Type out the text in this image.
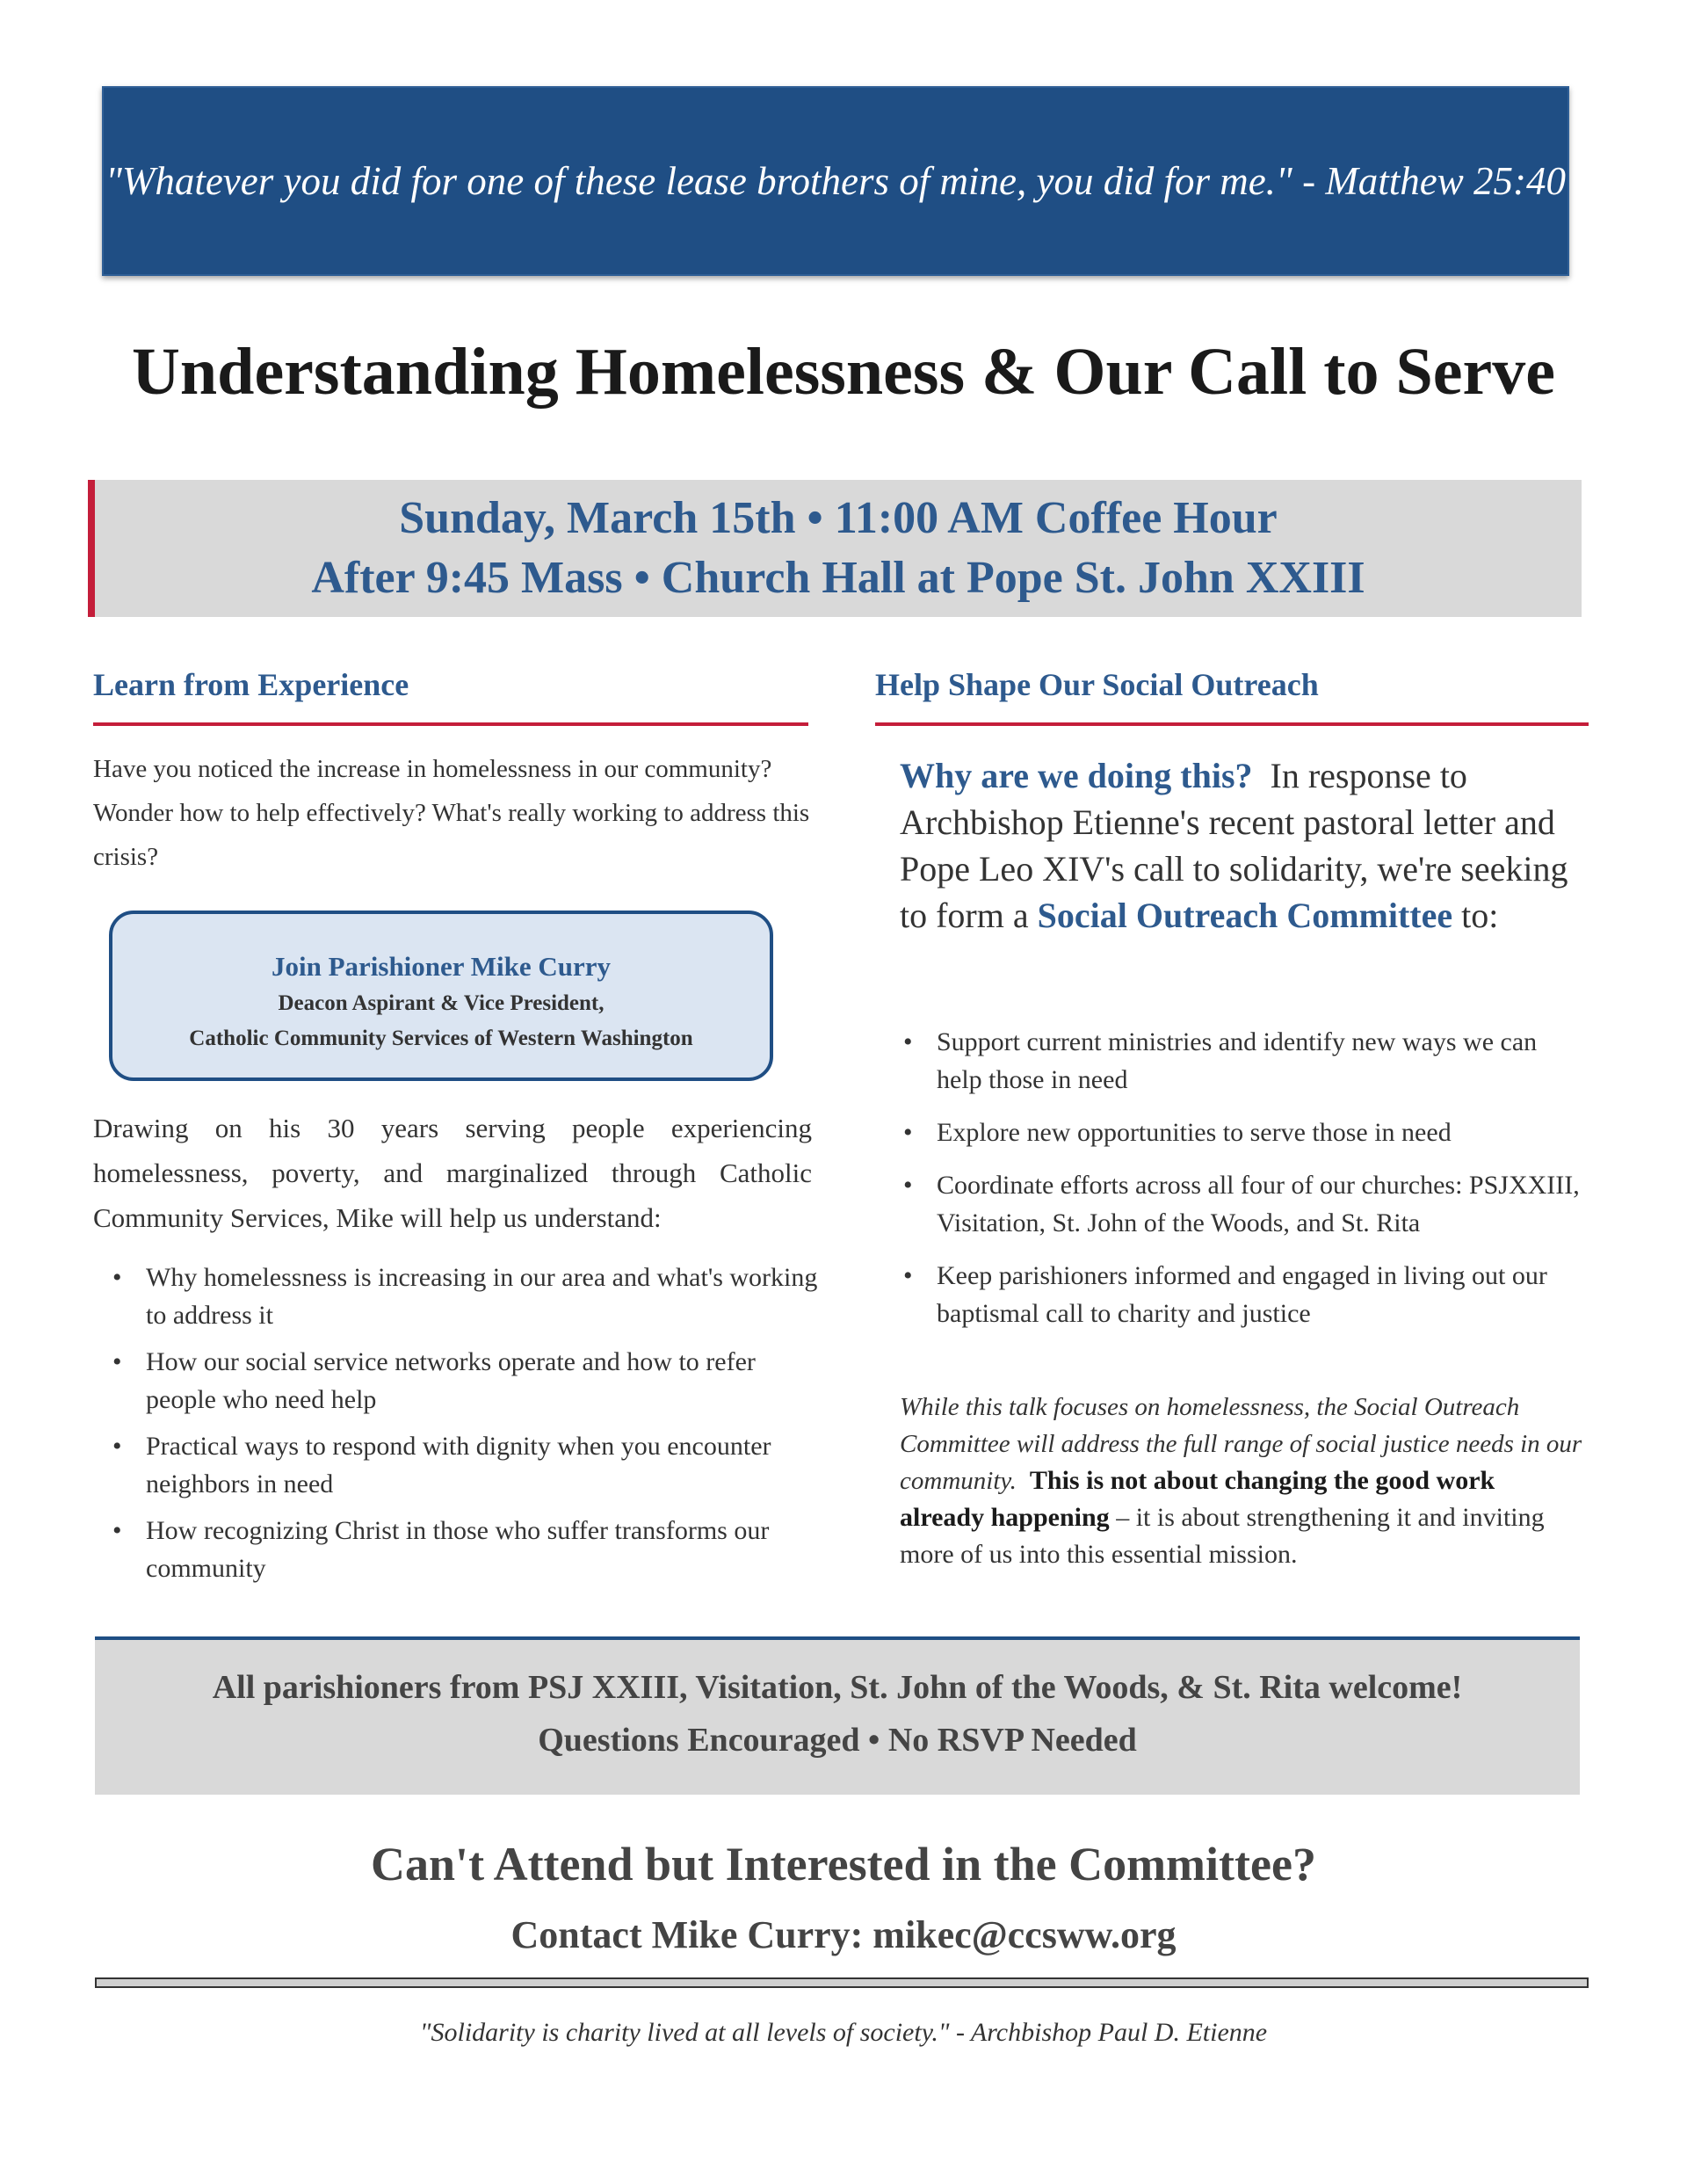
"Whatever you did for one of these lease brothers of mine, you did for me." - Matthew 25:40
Understanding Homelessness & Our Call to Serve
Sunday, March 15th • 11:00 AM Coffee Hour
After 9:45 Mass • Church Hall at Pope St. John XXIII
Learn from Experience
Have you noticed the increase in homelessness in our community? Wonder how to help effectively? What's really working to address this crisis?
Join Parishioner Mike Curry
Deacon Aspirant & Vice President,
Catholic Community Services of Western Washington
Drawing on his 30 years serving people experiencing homelessness, poverty, and marginalized through Catholic Community Services, Mike will help us understand:
• Why homelessness is increasing in our area and what's working to address it
• How our social service networks operate and how to refer people who need help
• Practical ways to respond with dignity when you encounter neighbors in need
• How recognizing Christ in those who suffer transforms our community
Help Shape Our Social Outreach
Why are we doing this? In response to Archbishop Etienne's recent pastoral letter and Pope Leo XIV's call to solidarity, we're seeking to form a Social Outreach Committee to:
• Support current ministries and identify new ways we can help those in need
• Explore new opportunities to serve those in need
• Coordinate efforts across all four of our churches: PSJXXIII, Visitation, St. John of the Woods, and St. Rita
• Keep parishioners informed and engaged in living out our baptismal call to charity and justice
While this talk focuses on homelessness, the Social Outreach Committee will address the full range of social justice needs in our community. This is not about changing the good work already happening – it is about strengthening it and inviting more of us into this essential mission.
All parishioners from PSJ XXIII, Visitation, St. John of the Woods, & St. Rita welcome!
Questions Encouraged • No RSVP Needed
Can't Attend but Interested in the Committee?
Contact Mike Curry: mikec@ccsww.org
"Solidarity is charity lived at all levels of society." - Archbishop Paul D. Etienne
